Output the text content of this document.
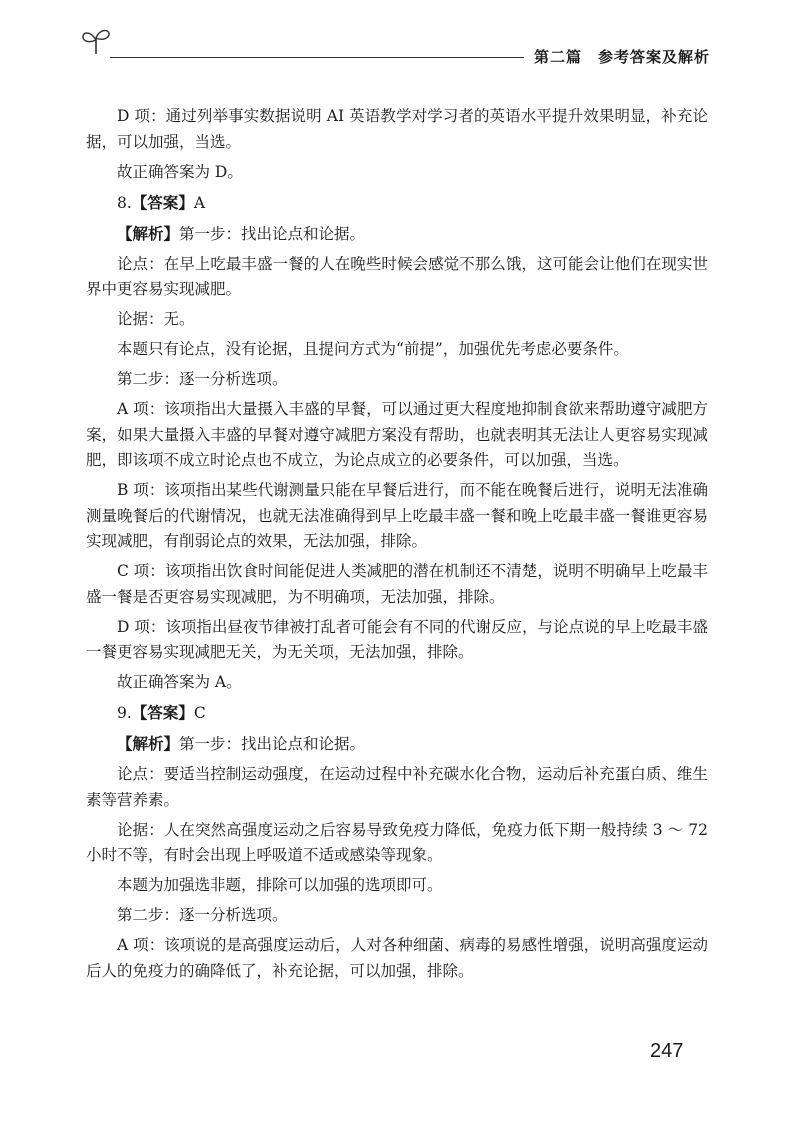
第二篇　参考答案及解析

D 项：通过列举事实数据说明 AI 英语教学对学习者的英语水平提升效果明显，补充论据，可以加强，当选。

故正确答案为 D。

8.【答案】A

【解析】第一步：找出论点和论据。

论点：在早上吃最丰盛一餐的人在晚些时候会感觉不那么饿，这可能会让他们在现实世界中更容易实现减肥。

论据：无。

本题只有论点，没有论据，且提问方式为“前提”，加强优先考虑必要条件。

第二步：逐一分析选项。

A 项：该项指出大量摄入丰盛的早餐，可以通过更大程度地抑制食欲来帮助遵守减肥方案，如果大量摄入丰盛的早餐对遵守减肥方案没有帮助，也就表明其无法让人更容易实现减肥，即该项不成立时论点也不成立，为论点成立的必要条件，可以加强，当选。

B 项：该项指出某些代谢测量只能在早餐后进行，而不能在晚餐后进行，说明无法准确测量晚餐后的代谢情况，也就无法准确得到早上吃最丰盛一餐和晚上吃最丰盛一餐谁更容易实现减肥，有削弱论点的效果，无法加强，排除。

C 项：该项指出饮食时间能促进人类减肥的潜在机制还不清楚，说明不明确早上吃最丰盛一餐是否更容易实现减肥，为不明确项，无法加强，排除。

D 项：该项指出昼夜节律被打乱者可能会有不同的代谢反应，与论点说的早上吃最丰盛一餐更容易实现减肥无关，为无关项，无法加强，排除。

故正确答案为 A。

9.【答案】C

【解析】第一步：找出论点和论据。

论点：要适当控制运动强度，在运动过程中补充碳水化合物，运动后补充蛋白质、维生素等营养素。

论据：人在突然高强度运动之后容易导致免疫力降低，免疫力低下期一般持续 3 ～ 72 小时不等，有时会出现上呼吸道不适或感染等现象。

本题为加强选非题，排除可以加强的选项即可。

第二步：逐一分析选项。

A 项：该项说的是高强度运动后，人对各种细菌、病毒的易感性增强，说明高强度运动后人的免疫力的确降低了，补充论据，可以加强，排除。

247
